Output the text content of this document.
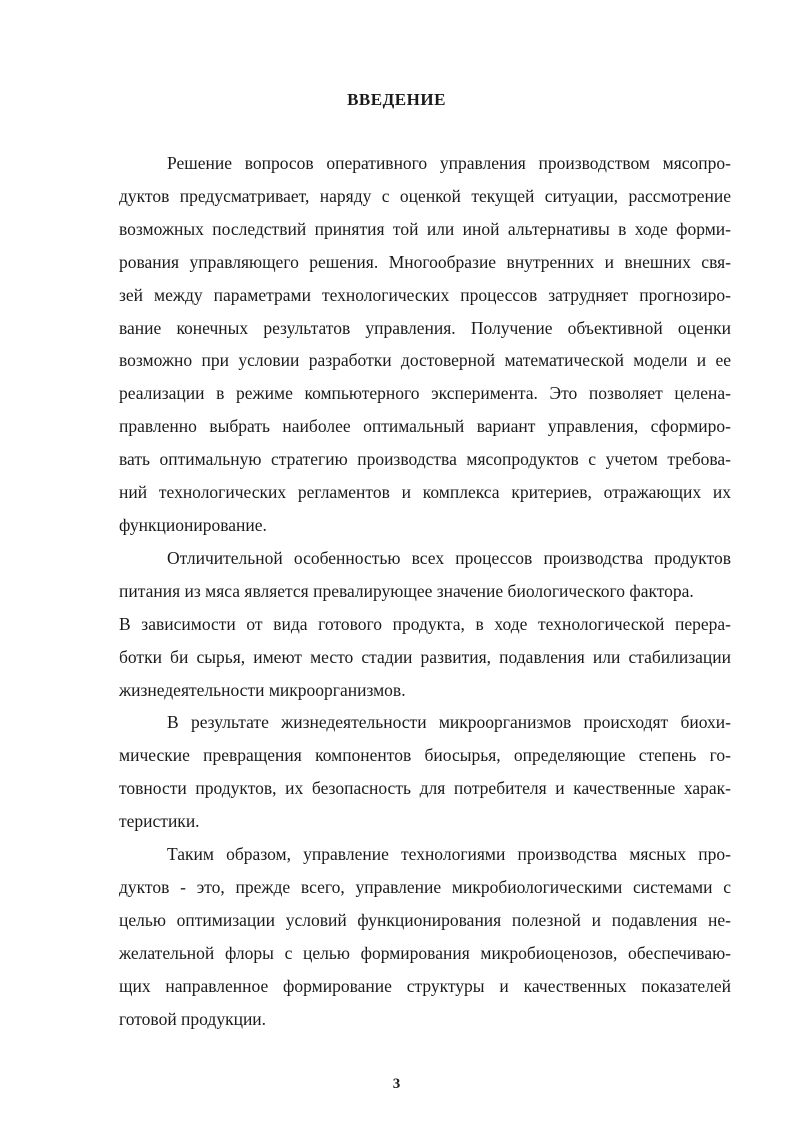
ВВЕДЕНИЕ

Решение вопросов оперативного управления производством мясопро-
дуктов предусматривает, наряду с оценкой текущей ситуации, рассмотрение
возможных последствий принятия той или иной альтернативы в ходе форми-
рования управляющего решения. Многообразие внутренних и внешних свя-
зей между параметрами технологических процессов затрудняет прогнозиро-
вание конечных результатов управления. Получение объективной оценки
возможно при условии разработки достоверной математической модели и ее
реализации в режиме компьютерного эксперимента. Это позволяет целена-
правленно выбрать наиболее оптимальный вариант управления, сформиро-
вать оптимальную стратегию производства мясопродуктов с учетом требова-
ний технологических регламентов и комплекса критериев, отражающих их
функционирование.

Отличительной особенностью всех процессов производства продуктов
питания из мяса является превалирующее значение биологического фактора.
В зависимости от вида готового продукта, в ходе технологической перера-
ботки би сырья, имеют место стадии развития, подавления или стабилизации
жизнедеятельности микроорганизмов.

В результате жизнедеятельности микроорганизмов происходят биохи-
мические превращения компонентов биосырья, определяющие степень го-
товности продуктов, их безопасность для потребителя и качественные харак-
теристики.

Таким образом, управление технологиями производства мясных про-
дуктов - это, прежде всего, управление микробиологическими системами с
целью оптимизации условий функционирования полезной и подавления не-
желательной флоры с целью формирования микробиоценозов, обеспечиваю-
щих направленное формирование структуры и качественных показателей
готовой продукции.

3
